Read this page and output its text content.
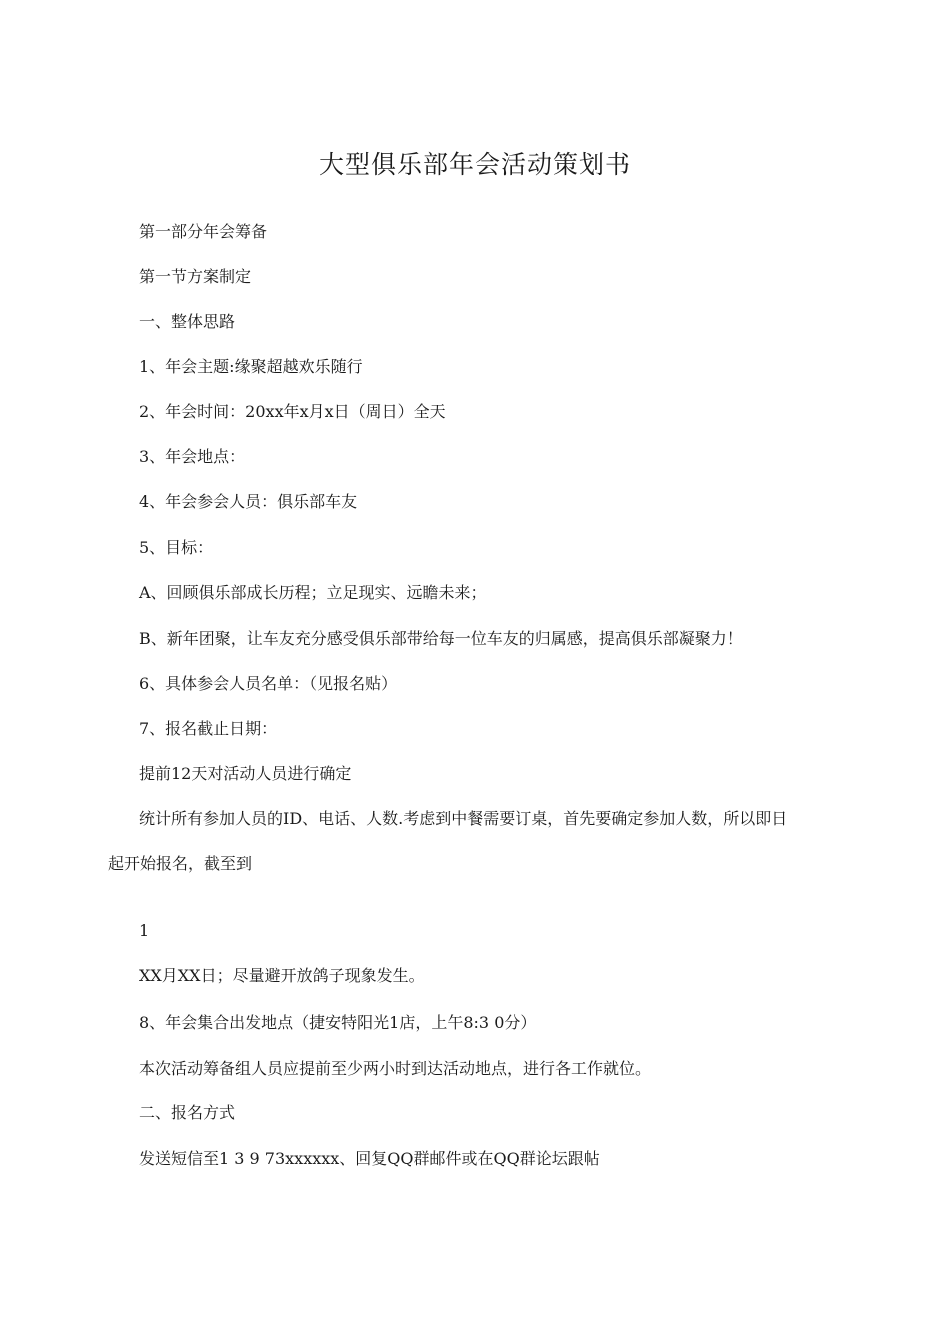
大型俱乐部年会活动策划书
第一部分年会筹备
第一节方案制定
一、整体思路
1、年会主题:缘聚超越欢乐随行
2、年会时间：20xx年x月x日（周日）全天
3、年会地点：
4、年会参会人员：俱乐部车友
5、目标：
A、回顾俱乐部成长历程；立足现实、远瞻未来；
B、新年团聚，让车友充分感受俱乐部带给每一位车友的归属感，提高俱乐部凝聚力！
6、具体参会人员名单：（见报名贴）
7、报名截止日期：
提前12天对活动人员进行确定
统计所有参加人员的ID、电话、人数.考虑到中餐需要订桌，首先要确定参加人数，所以即日
起开始报名，截至到
1
XX月XX日；尽量避开放鸽子现象发生。
8、年会集合出发地点（捷安特阳光1店，上午8:3 0分）
本次活动筹备组人员应提前至少两小时到达活动地点，进行各工作就位。
二、报名方式
发送短信至1 3 9 73xxxxxx、回复QQ群邮件或在QQ群论坛跟帖
